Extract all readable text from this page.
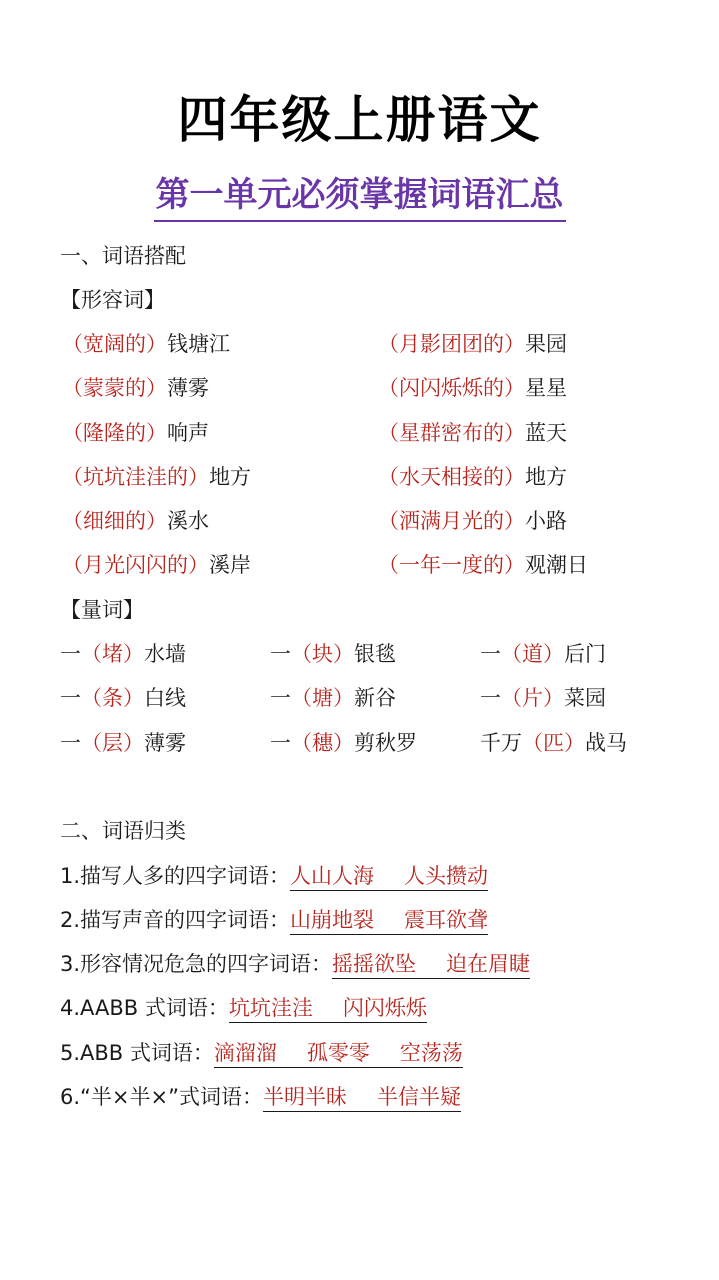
四年级上册语文
第一单元必须掌握词语汇总
一、词语搭配
【形容词】
（宽阔的）钱塘江	（月影团团的）果园
（蒙蒙的）薄雾	（闪闪烁烁的）星星
（隆隆的）响声	（星群密布的）蓝天
（坑坑洼洼的）地方	（水天相接的）地方
（细细的）溪水	（洒满月光的）小路
（月光闪闪的）溪岸	（一年一度的）观潮日
【量词】
一（堵）水墙	一（块）银毯	一（道）后门
一（条）白线	一（塘）新谷	一（片）菜园
一（层）薄雾	一（穗）剪秋罗	千万（匹）战马
二、词语归类
1.描写人多的四字词语：人山人海 人头攒动
2.描写声音的四字词语：山崩地裂 震耳欲聋
3.形容情况危急的四字词语：摇摇欲坠 迫在眉睫
4.AABB 式词语：坑坑洼洼 闪闪烁烁
5.ABB 式词语：滴溜溜 孤零零 空荡荡
6.“半×半×”式词语：半明半昧 半信半疑
